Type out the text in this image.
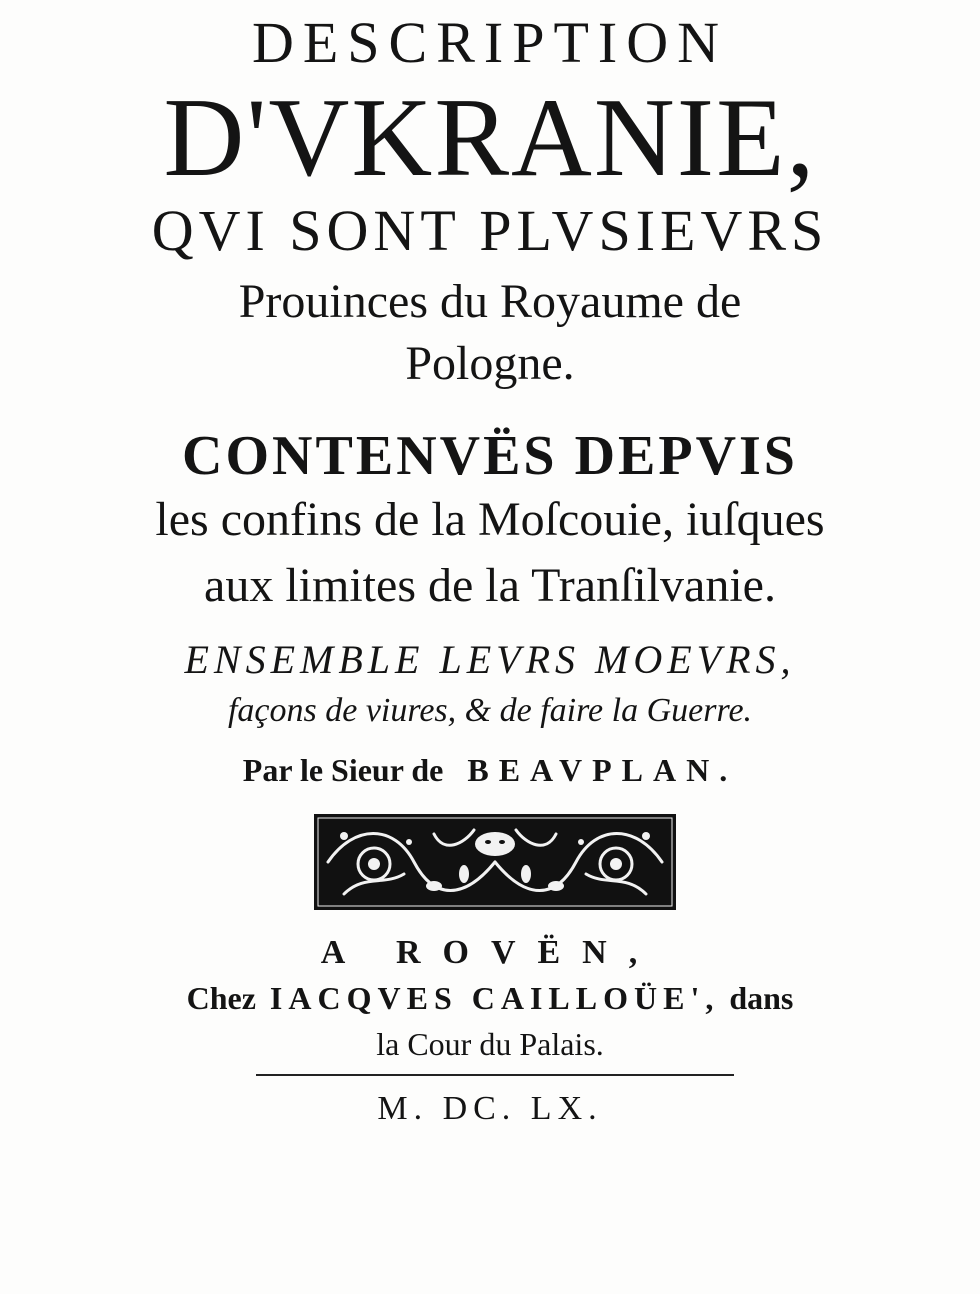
DESCRIPTION
D'VKRANIE,
QVI SONT PLVSIEVRS
Prouinces du Royaume de
Pologne.
CONTENVËS DEPVIS
les confins de la Moſcouie, iuſques
aux limites de la Tranſilvanie.
ENSEMBLE LEVRS MOEVRS,
façons de viures, & de faire la Guerre.
Par le Sieur de BEAVPLAN.
A ROVËN,
Chez IACQVES CAILLOÜE', dans
la Cour du Palais.
M. DC. LX.
